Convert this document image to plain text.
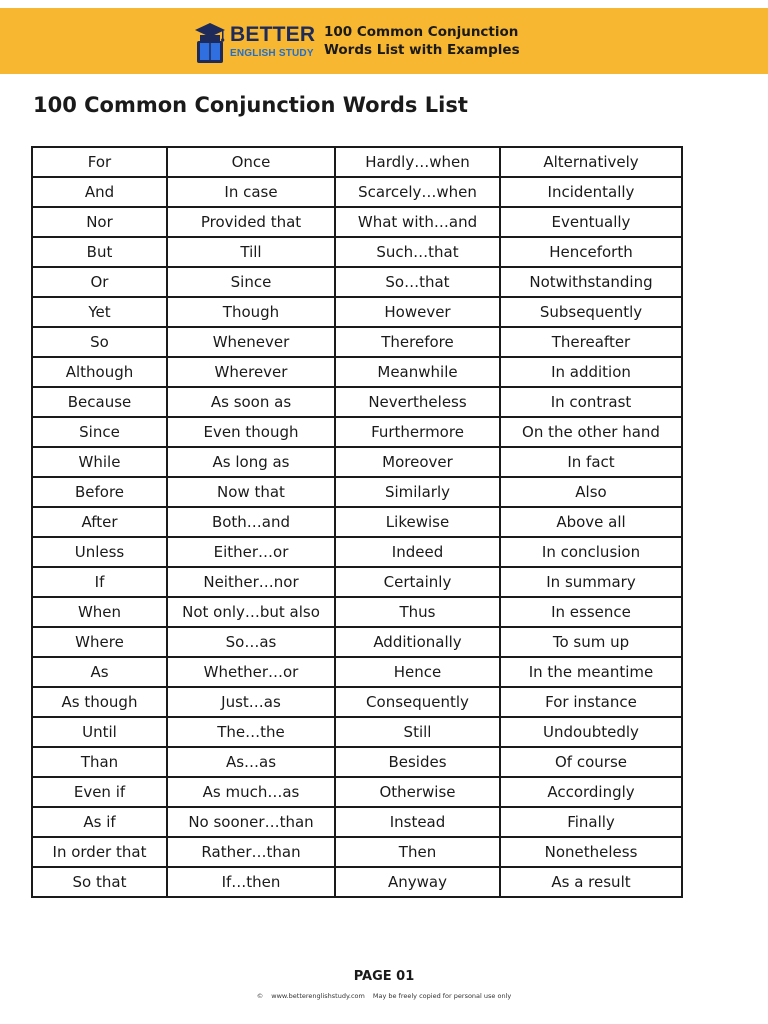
BETTER
ENGLISH STUDY
100 Common Conjunction
Words List with Examples
100 Common Conjunction Words List
For	Once	Hardly…when	Alternatively
And	In case	Scarcely…when	Incidentally
Nor	Provided that	What with…and	Eventually
But	Till	Such…that	Henceforth
Or	Since	So…that	Notwithstanding
Yet	Though	However	Subsequently
So	Whenever	Therefore	Thereafter
Although	Wherever	Meanwhile	In addition
Because	As soon as	Nevertheless	In contrast
Since	Even though	Furthermore	On the other hand
While	As long as	Moreover	In fact
Before	Now that	Similarly	Also
After	Both…and	Likewise	Above all
Unless	Either…or	Indeed	In conclusion
If	Neither…nor	Certainly	In summary
When	Not only…but also	Thus	In essence
Where	So…as	Additionally	To sum up
As	Whether…or	Hence	In the meantime
As though	Just…as	Consequently	For instance
Until	The…the	Still	Undoubtedly
Than	As…as	Besides	Of course
Even if	As much…as	Otherwise	Accordingly
As if	No sooner…than	Instead	Finally
In order that	Rather…than	Then	Nonetheless
So that	If…then	Anyway	As a result
PAGE 01
© www.betterenglishstudy.com May be freely copied for personal use only
